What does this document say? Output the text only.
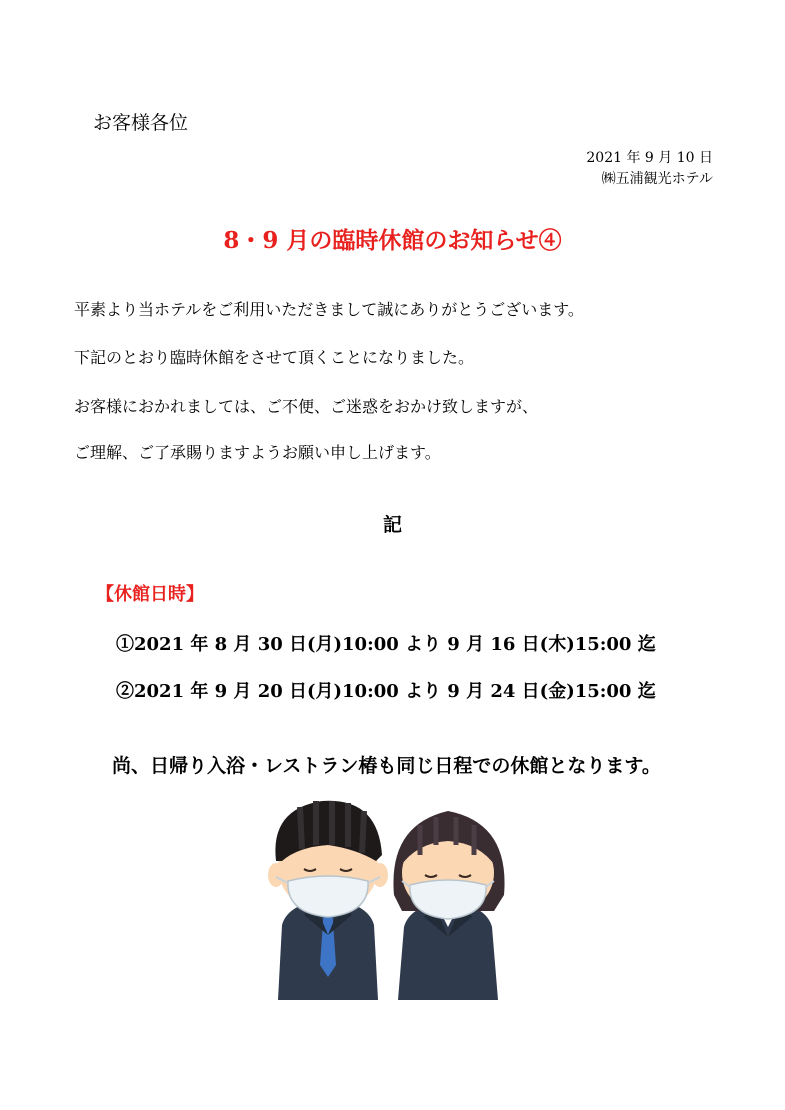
お客様各位
2021 年 9 月 10 日
㈱五浦観光ホテル
8・9 月の臨時休館のお知らせ④
平素より当ホテルをご利用いただきまして誠にありがとうございます。
下記のとおり臨時休館をさせて頂くことになりました。
お客様におかれましては、ご不便、ご迷惑をおかけ致しますが、
ご理解、ご了承賜りますようお願い申し上げます。
記
【休館日時】
①2021 年 8 月 30 日(月)10:00 より 9 月 16 日(木)15:00 迄
②2021 年 9 月 20 日(月)10:00 より 9 月 24 日(金)15:00 迄
尚、日帰り入浴・レストラン椿も同じ日程での休館となります。
